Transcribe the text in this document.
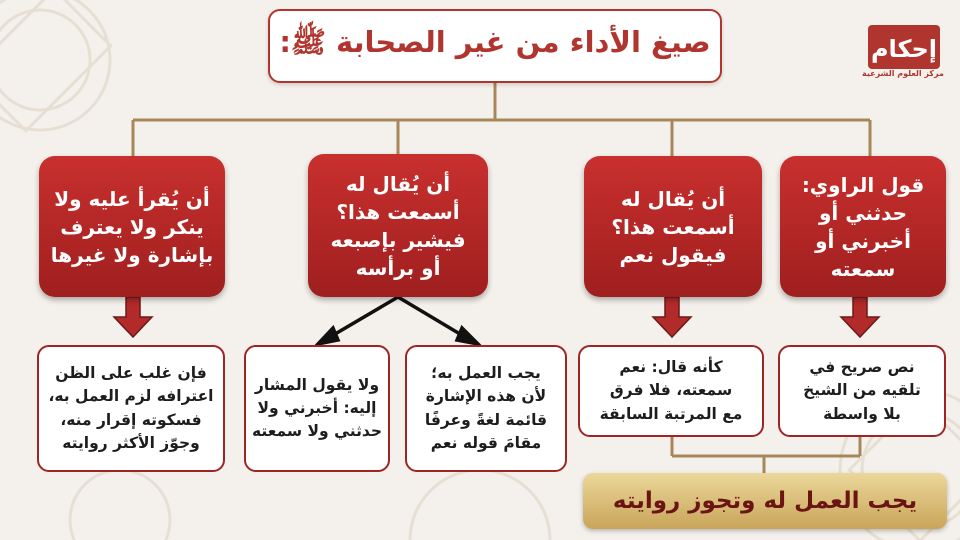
صيغ الأداء من غير الصحابة ﷺ:	إحكام
مركز العلوم الشرعية
قول الراوي:
حدثني أو
أخبرني أو
سمعته
نص صريح في
تلقيه من الشيخ
بلا واسطة
أن يُقال له
أسمعت هذا؟
فيقول نعم
كأنه قال: نعم
سمعته، فلا فرق
مع المرتبة السابقة
أن يُقال له
أسمعت هذا؟
فيشير بإصبعه
أو برأسه
يجب العمل به؛
لأن هذه الإشارة
قائمة لغةً وعرفًا
مقامَ قوله نعم
ولا يقول المشار
إليه: أخبرني ولا
حدثني ولا سمعته
أن يُقرأ عليه ولا
ينكر ولا يعترف
بإشارة ولا غيرها
فإن غلب على الظن
اعترافه لزم العمل به،
فسكوته إقرار منه،
وجوّز الأكثر روايته
يجب العمل له وتجوز روايته
